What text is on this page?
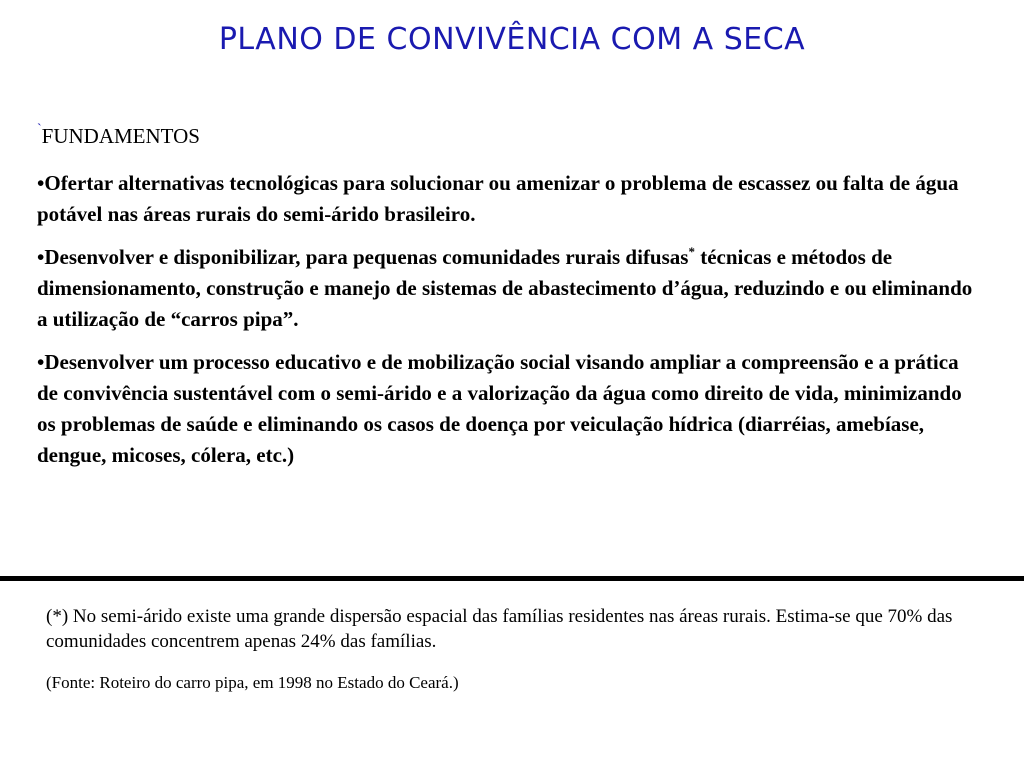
PLANO DE CONVIVÊNCIA COM A SECA
`FUNDAMENTOS
•Ofertar alternativas tecnológicas para solucionar ou amenizar o problema de escassez ou falta de água potável nas áreas rurais do semi-árido brasileiro.
•Desenvolver e disponibilizar, para pequenas comunidades rurais difusas* técnicas e métodos de dimensionamento, construção e manejo de sistemas de abastecimento d’água, reduzindo e ou eliminando a utilização de “carros pipa”.
•Desenvolver um processo educativo e de mobilização social visando ampliar a compreensão e a prática de convivência sustentável com o semi-árido e a valorização da água como direito de vida, minimizando os problemas de saúde e eliminando os casos de doença por veiculação hídrica (diarréias, amebíase, dengue, micoses, cólera, etc.)

(*) No semi-árido existe uma grande dispersão espacial das famílias residentes nas áreas rurais. Estima-se que 70% das comunidades concentrem apenas 24% das famílias.

(Fonte: Roteiro do carro pipa, em 1998 no Estado do Ceará.)
